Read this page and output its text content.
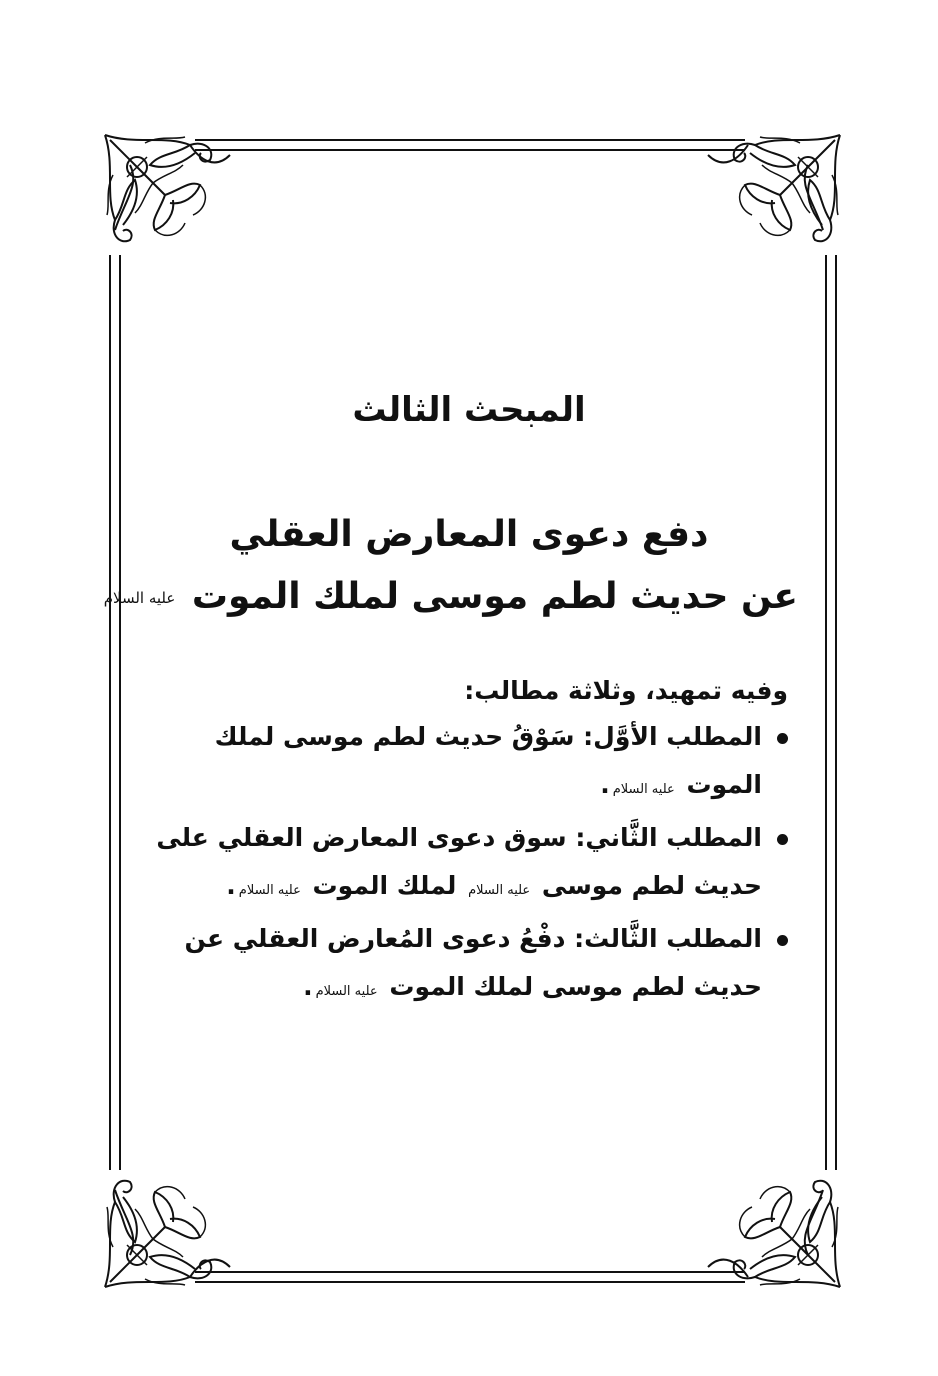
المبحث الثالث
دفع دعوى المعارض العقلي
عن حديث لطم موسى لملك الموت عليه السلام

وفيه تمهيد، وثلاثة مطالب:

المطلب الأوَّل: سَوْقُ حديث لطم موسى لملك الموت عليه السلام.
المطلب الثَّاني: سوق دعوى المعارض العقلي على حديث لطم موسى عليه السلام لملك الموت عليه السلام.
المطلب الثَّالث: دفْعُ دعوى المُعارض العقلي عن حديث لطم موسى لملك الموت عليه السلام.
